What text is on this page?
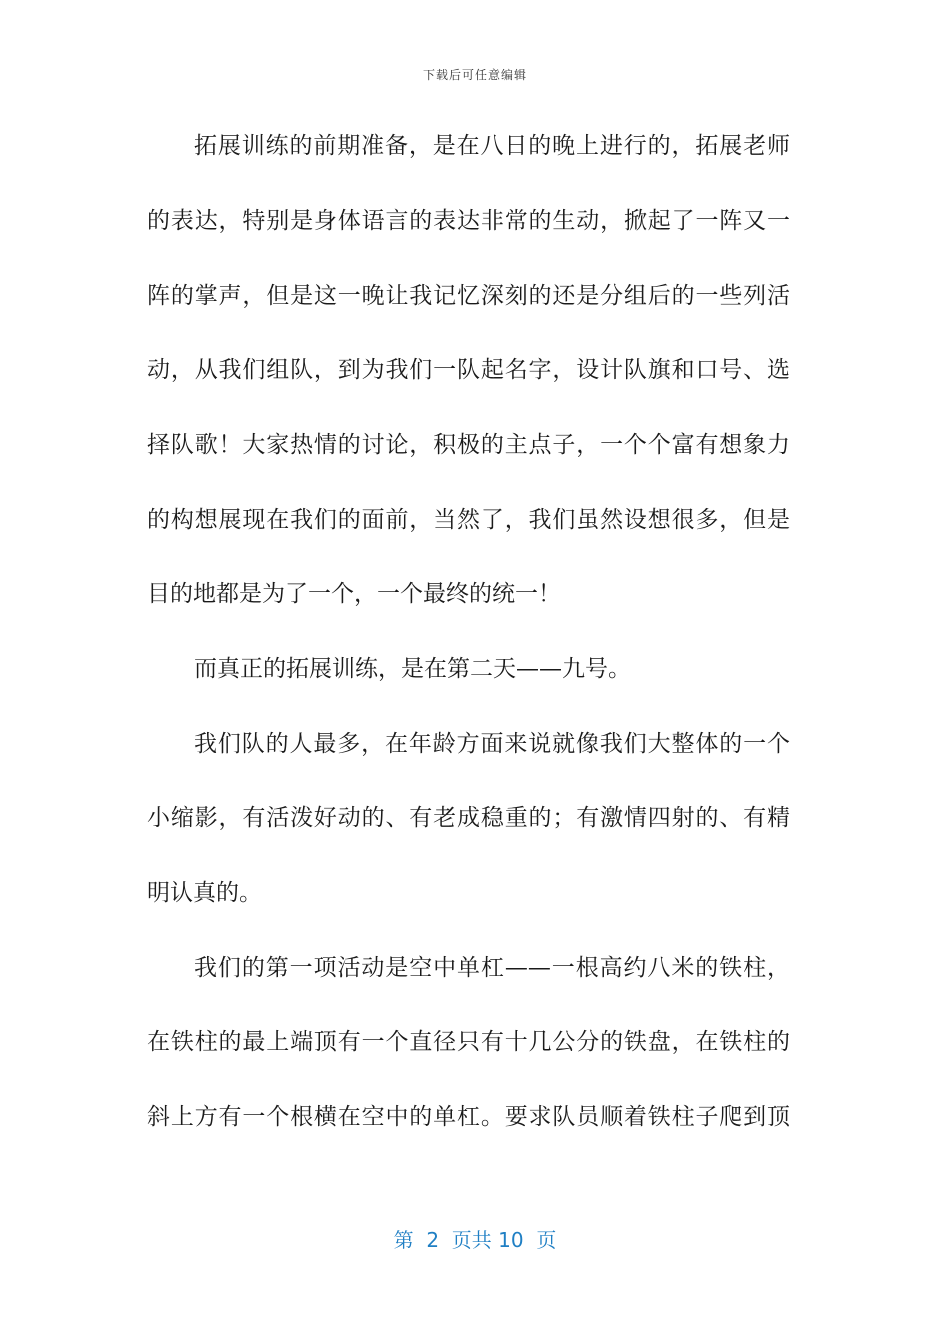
下载后可任意编辑
拓展训练的前期准备，是在八日的晚上进行的，拓展老师
的表达，特别是身体语言的表达非常的生动，掀起了一阵又一
阵的掌声，但是这一晚让我记忆深刻的还是分组后的一些列活
动，从我们组队，到为我们一队起名字，设计队旗和口号、选
择队歌！大家热情的讨论，积极的主点子，一个个富有想象力
的构想展现在我们的面前，当然了，我们虽然设想很多，但是
目的地都是为了一个，一个最终的统一！
而真正的拓展训练，是在第二天——九号。
我们队的人最多，在年龄方面来说就像我们大整体的一个
小缩影，有活泼好动的、有老成稳重的；有激情四射的、有精
明认真的。
我们的第一项活动是空中单杠——一根高约八米的铁柱，
在铁柱的最上端顶有一个直径只有十几公分的铁盘，在铁柱的
斜上方有一个根横在空中的单杠。要求队员顺着铁柱子爬到顶
第  2  页共 10  页
